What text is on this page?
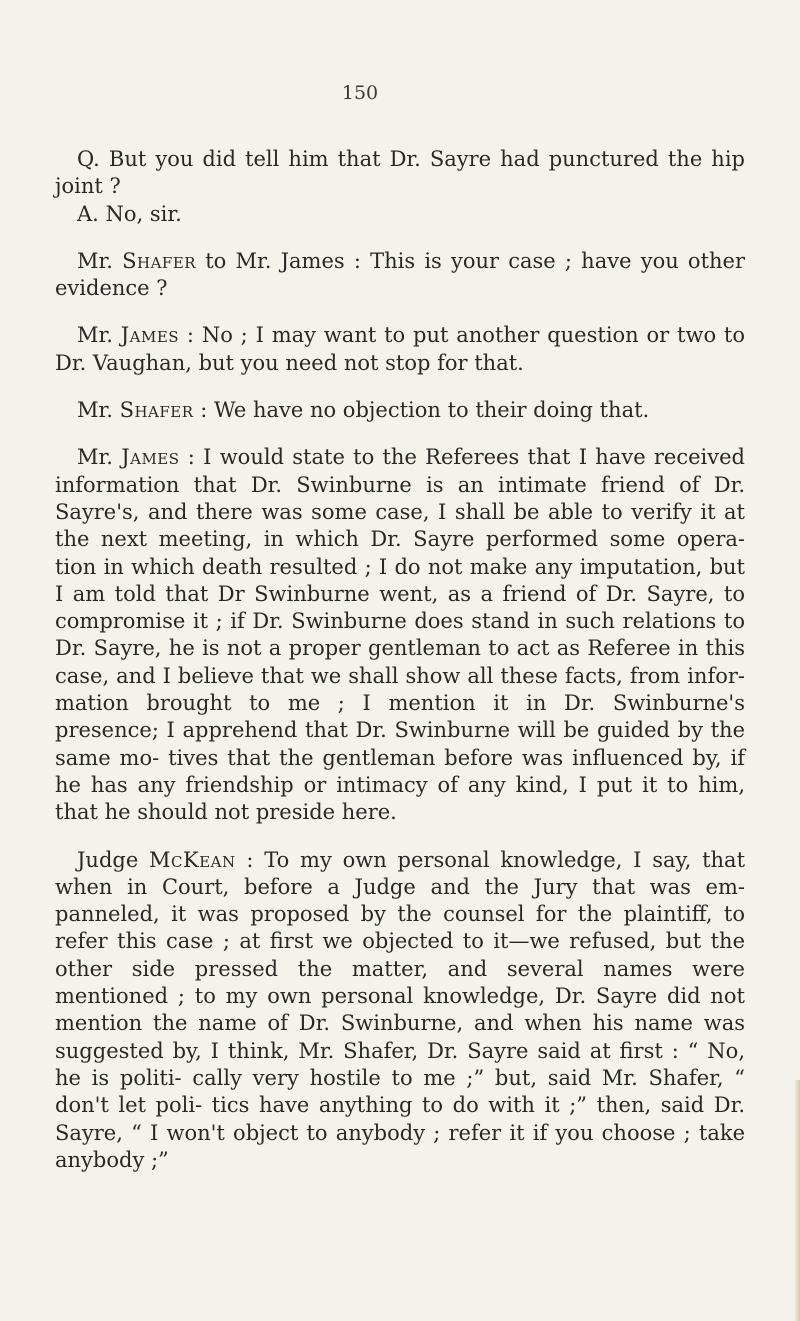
150

Q. But you did tell him that Dr. Sayre had punctured the hip joint ?

A. No, sir.

Mr. Shafer to Mr. James : This is your case ; have you other evidence ?

Mr. James : No ; I may want to put another question or two to Dr. Vaughan, but you need not stop for that.

Mr. Shafer : We have no objection to their doing that.

Mr. James : I would state to the Referees that I have received information that Dr. Swinburne is an intimate friend of Dr. Sayre's, and there was some case, I shall be able to verify it at the next meeting, in which Dr. Sayre performed some opera- tion in which death resulted ; I do not make any imputation, but I am told that Dr Swinburne went, as a friend of Dr. Sayre, to compromise it ; if Dr. Swinburne does stand in such relations to Dr. Sayre, he is not a proper gentleman to act as Referee in this case, and I believe that we shall show all these facts, from infor- mation brought to me ; I mention it in Dr. Swinburne's presence; I apprehend that Dr. Swinburne will be guided by the same mo- tives that the gentleman before was influenced by, if he has any friendship or intimacy of any kind, I put it to him, that he should not preside here.

Judge McKean : To my own personal knowledge, I say, that when in Court, before a Judge and the Jury that was em- panneled, it was proposed by the counsel for the plaintiff, to refer this case ; at first we objected to it—we refused, but the other side pressed the matter, and several names were mentioned ; to my own personal knowledge, Dr. Sayre did not mention the name of Dr. Swinburne, and when his name was suggested by, I think, Mr. Shafer, Dr. Sayre said at first : “ No, he is politi- cally very hostile to me ;” but, said Mr. Shafer, “ don't let poli- tics have anything to do with it ;” then, said Dr. Sayre, “ I won't object to anybody ; refer it if you choose ; take anybody ;”
